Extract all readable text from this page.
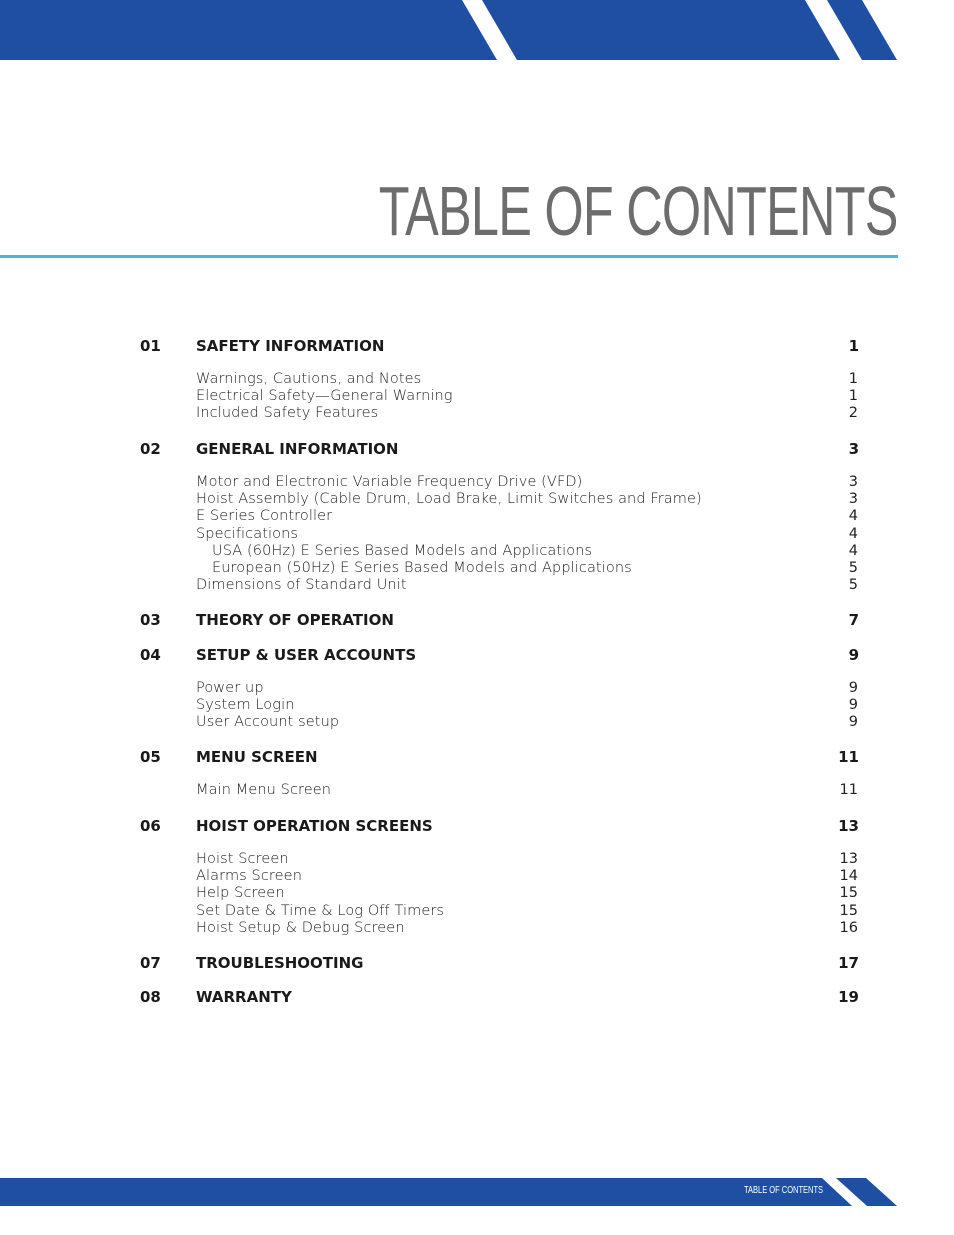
TABLE OF CONTENTS
01 SAFETY INFORMATION	1
Warnings, Cautions, and Notes	1
Electrical Safety—General Warning	1
Included Safety Features	2
02 GENERAL INFORMATION	3
Motor and Electronic Variable Frequency Drive (VFD)	3
Hoist Assembly (Cable Drum, Load Brake, Limit Switches and Frame)	3
E Series Controller	4
Specifications	4
USA (60Hz) E Series Based Models and Applications	4
European (50Hz) E Series Based Models and Applications	5
Dimensions of Standard Unit	5
03 THEORY OF OPERATION	7
04 SETUP & USER ACCOUNTS	9
Power up	9
System Login	9
User Account setup	9
05 MENU SCREEN	11
Main Menu Screen	11
06 HOIST OPERATION SCREENS	13
Hoist Screen	13
Alarms Screen	14
Help Screen	15
Set Date & Time & Log Off Timers	15
Hoist Setup & Debug Screen	16
07 TROUBLESHOOTING	17
08 WARRANTY	19
TABLE OF CONTENTS	i
